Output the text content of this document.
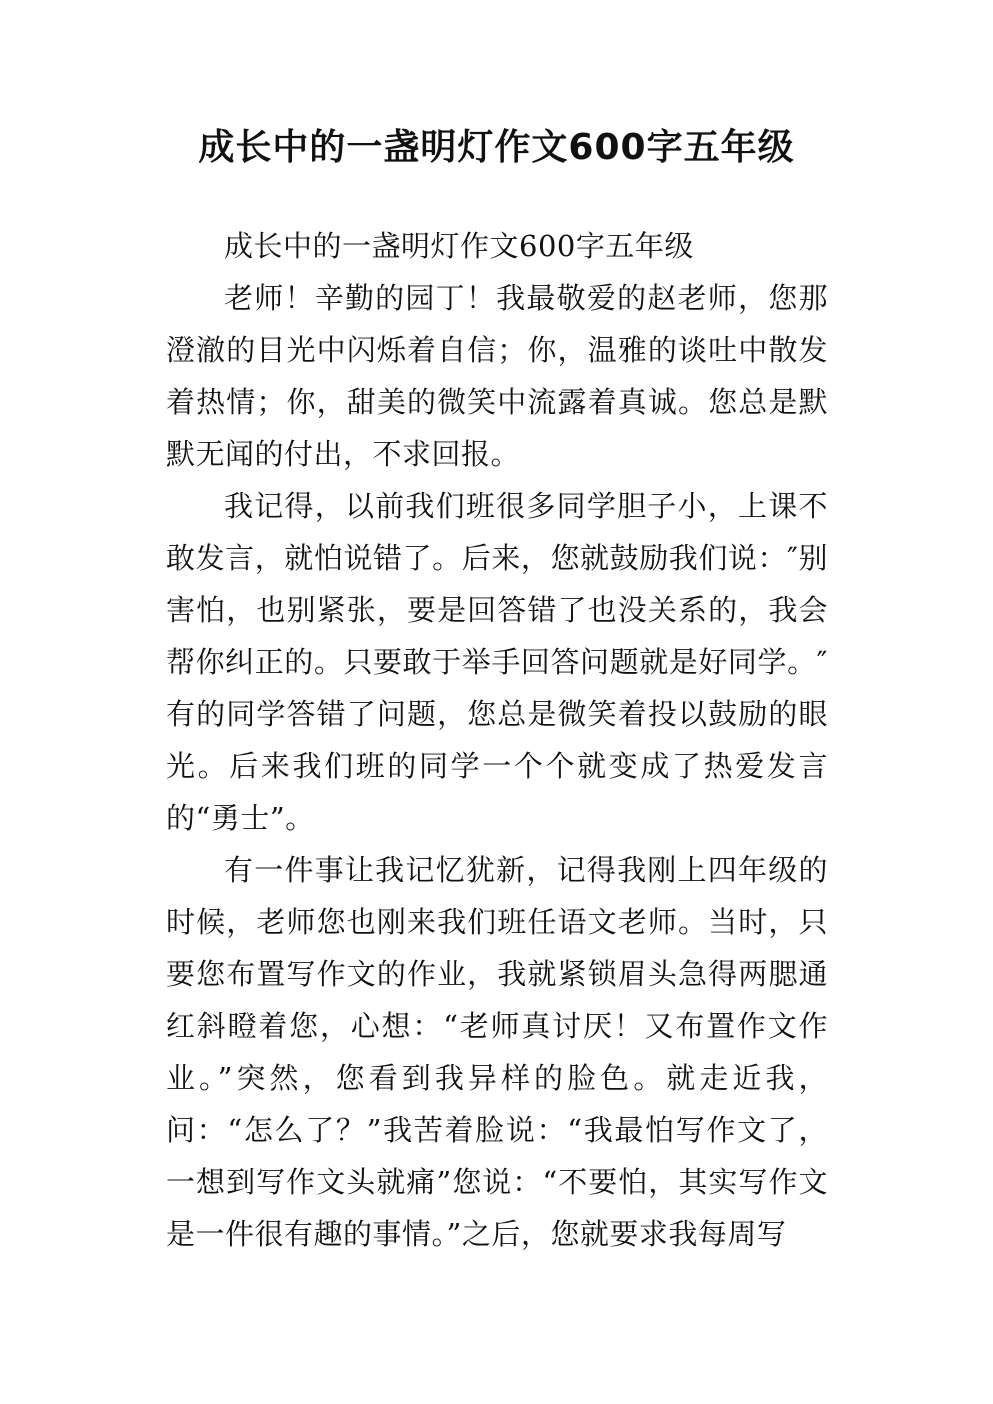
成长中的一盏明灯作文600字五年级

成长中的一盏明灯作文600字五年级

老师！辛勤的园丁！我最敬爱的赵老师，您那澄澈的目光中闪烁着自信；你，温雅的谈吐中散发着热情；你，甜美的微笑中流露着真诚。您总是默默无闻的付出，不求回报。

我记得，以前我们班很多同学胆子小，上课不敢发言，就怕说错了。后来，您就鼓励我们说：″别害怕，也别紧张，要是回答错了也没关系的，我会帮你纠正的。只要敢于举手回答问题就是好同学。″有的同学答错了问题，您总是微笑着投以鼓励的眼光。后来我们班的同学一个个就变成了热爱发言的“勇士”。

有一件事让我记忆犹新，记得我刚上四年级的时候，老师您也刚来我们班任语文老师。当时，只要您布置写作文的作业，我就紧锁眉头急得两腮通红斜瞪着您，心想：“老师真讨厌！又布置作文作业。”突然，您看到我异样的脸色。就走近我，问：“怎么了？”我苦着脸说：“我最怕写作文了，一想到写作文头就痛”您说：“不要怕，其实写作文是一件很有趣的事情。”之后，您就要求我每周写
